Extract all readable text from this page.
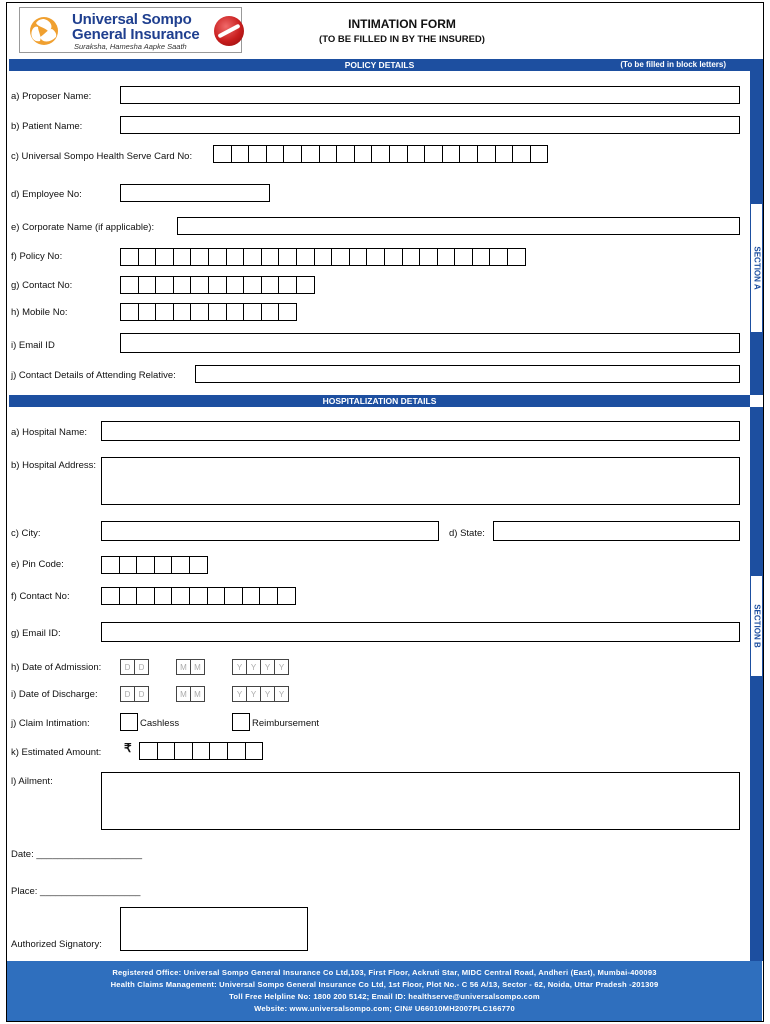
Universal Sompo
General Insurance
Suraksha, Hamesha Aapke Saath
INTIMATION FORM
(TO BE FILLED IN BY THE INSURED)
POLICY DETAILS	(To be filled in block letters)
SECTION A
a) Proposer Name:
b) Patient Name:
c) Universal Sompo Health Serve Card No:
d) Employee No:
e) Corporate Name (if applicable):
f) Policy No:
g) Contact No:
h) Mobile No:
i) Email ID
j) Contact Details of Attending Relative:
HOSPITALIZATION DETAILS
SECTION B
a) Hospital Name:
b) Hospital Address:
c) City:	d) State:
e) Pin Code:
f) Contact No:
g) Email ID:
h) Date of Admission:	D	D	M M	Y	Y	Y	Y
i) Date of Discharge:	D	D	M M	Y	Y	Y	Y
j) Claim Intimation:	Cashless	Reimbursement
k) Estimated Amount: ₹
l) Ailment:
Date: ____________________
Place: ___________________
Authorized Signatory:
Registered Office: Universal Sompo General Insurance Co Ltd,103, First Floor, Ackruti Star, MIDC Central Road, Andheri (East), Mumbai-400093
Health Claims Management: Universal Sompo General Insurance Co Ltd, 1st Floor, Plot No.- C 56 A/13, Sector - 62, Noida, Uttar Pradesh -201309
Toll Free Helpline No: 1800 200 5142; Email ID: healthserve@universalsompo.com
Website: www.universalsompo.com; CIN# U66010MH2007PLC166770
